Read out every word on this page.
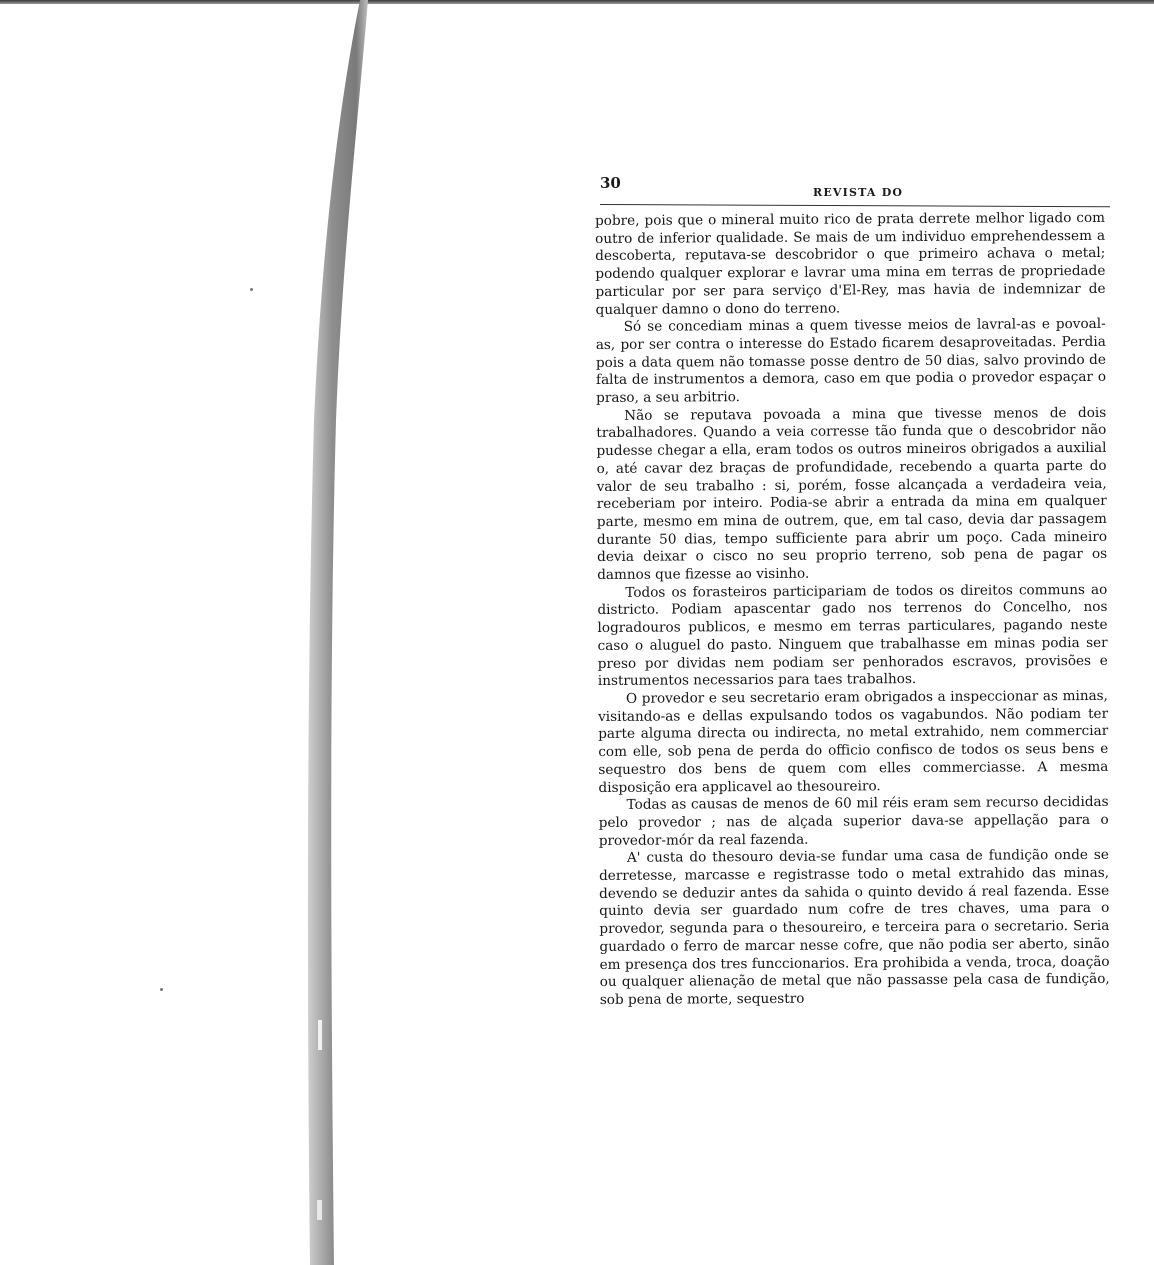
30
REVISTA DO

pobre, pois que o mineral muito rico de prata derrete melhor ligado com outro de inferior qualidade. Se mais de um individuo emprehendessem a descoberta, reputava-se descobridor o que primeiro achava o metal; podendo qualquer explorar e lavrar uma mina em terras de propriedade particular por ser para serviço d'El-Rey, mas havia de indemnizar de qualquer damno o dono do terreno.

Só se concediam minas a quem tivesse meios de lavral-as e povoal-as, por ser contra o interesse do Estado ficarem desaproveitadas. Perdia pois a data quem não tomasse posse dentro de 50 dias, salvo provindo de falta de instrumentos a demora, caso em que podia o provedor espaçar o praso, a seu arbitrio.

Não se reputava povoada a mina que tivesse menos de dois trabalhadores. Quando a veia corresse tão funda que o descobridor não pudesse chegar a ella, eram todos os outros mineiros obrigados a auxilial o, até cavar dez braças de profundidade, recebendo a quarta parte do valor de seu trabalho : si, porém, fosse alcançada a verdadeira veia, receberiam por inteiro. Podia-se abrir a entrada da mina em qualquer parte, mesmo em mina de outrem, que, em tal caso, devia dar passagem durante 50 dias, tempo sufficiente para abrir um poço. Cada mineiro devia deixar o cisco no seu proprio terreno, sob pena de pagar os damnos que fizesse ao visinho.

Todos os forasteiros participariam de todos os direitos communs ao districto. Podiam apascentar gado nos terrenos do Concelho, nos logradouros publicos, e mesmo em terras particulares, pagando neste caso o aluguel do pasto. Ninguem que trabalhasse em minas podia ser preso por dividas nem podiam ser penhorados escravos, provisões e instrumentos necessarios para taes trabalhos.

O provedor e seu secretario eram obrigados a inspeccionar as minas, visitando-as e dellas expulsando todos os vagabundos. Não podiam ter parte alguma directa ou indirecta, no metal extrahido, nem commerciar com elle, sob pena de perda do officio confisco de todos os seus bens e sequestro dos bens de quem com elles commerciasse. A mesma disposição era applicavel ao thesoureiro.

Todas as causas de menos de 60 mil réis eram sem recurso decididas pelo provedor ; nas de alçada superior dava-se appellação para o provedor-mór da real fazenda.

A' custa do thesouro devia-se fundar uma casa de fundição onde se derretesse, marcasse e registrasse todo o metal extrahido das minas, devendo se deduzir antes da sahida o quinto devido á real fazenda. Esse quinto devia ser guardado num cofre de tres chaves, uma para o provedor, segunda para o thesoureiro, e terceira para o secretario. Seria guardado o ferro de marcar nesse cofre, que não podia ser aberto, sinão em presença dos tres funccionarios. Era prohibida a venda, troca, doação ou qualquer alienação de metal que não passasse pela casa de fundição, sob pena de morte, sequestro
